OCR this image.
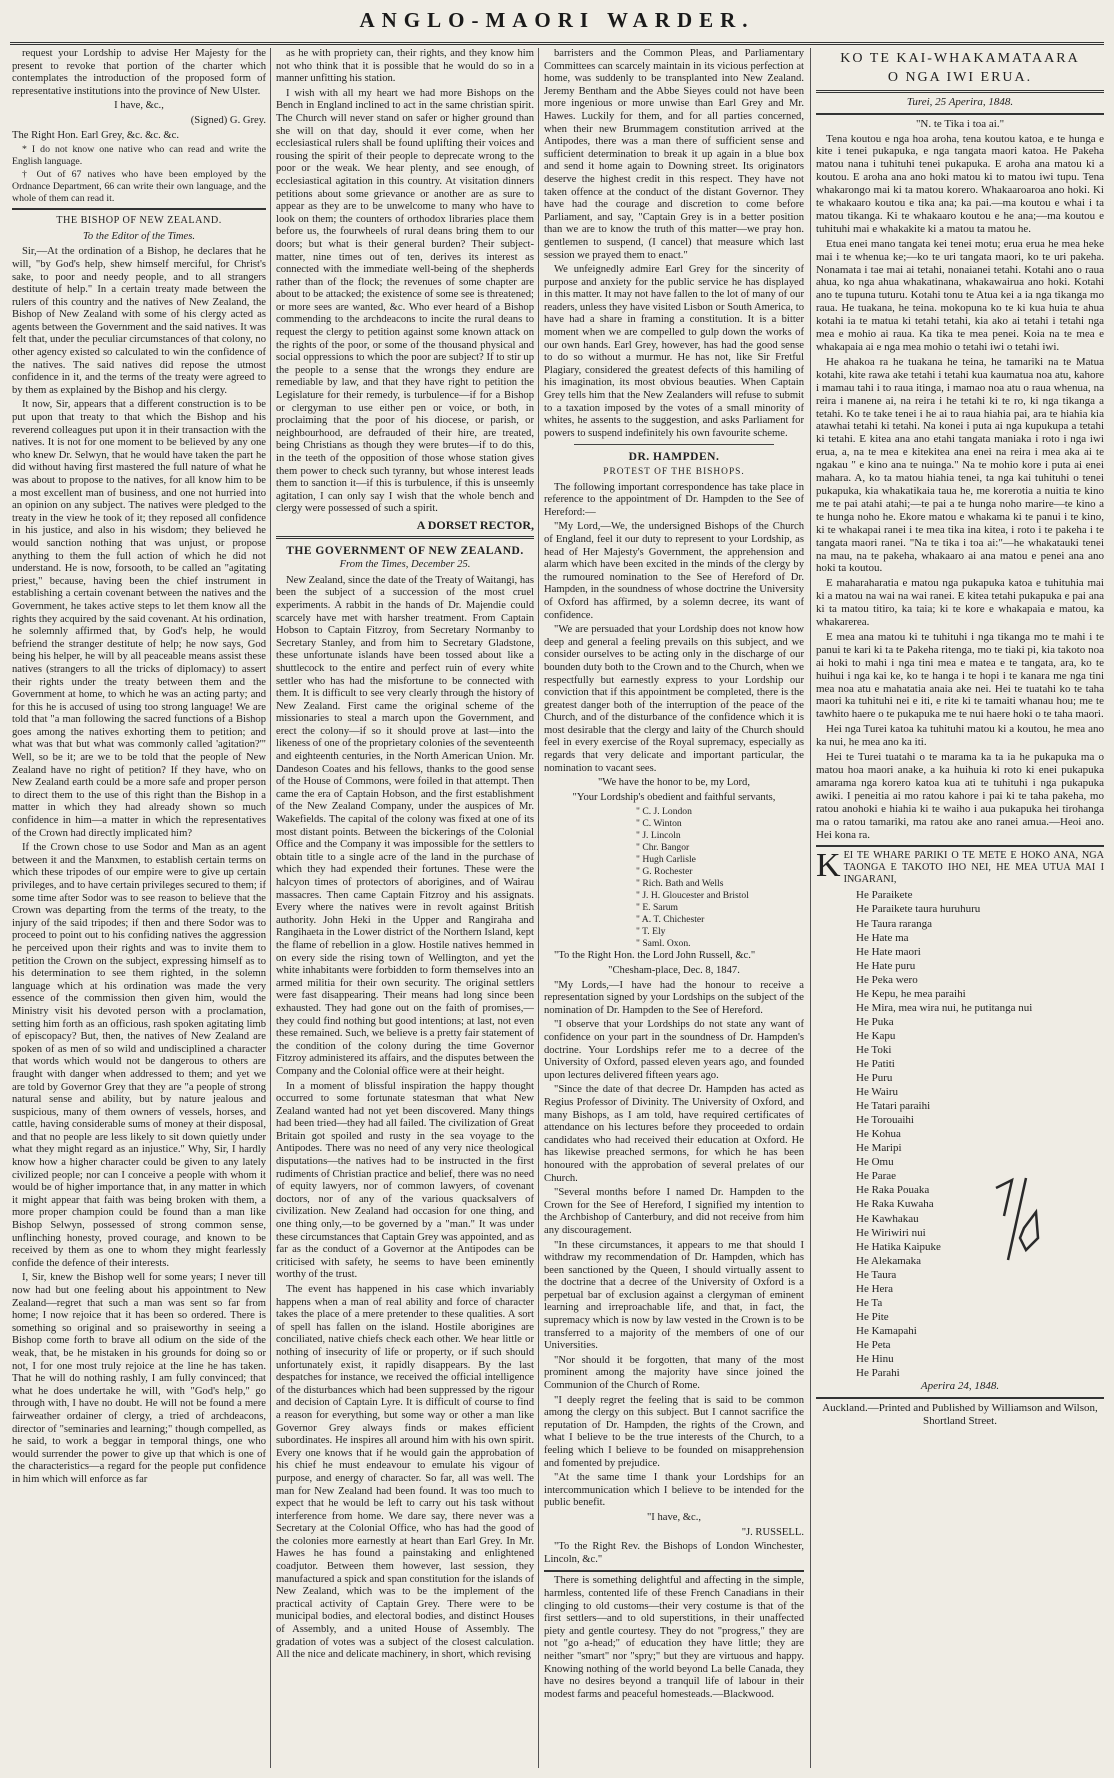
ANGLO-MAORI WARDER.

request your Lordship to advise Her Majesty for the present to revoke that portion of the charter which contemplates the introduction of the proposed form of representative institutions into the province of New Ulster.

I have, &c.,

(Signed) G. Grey.

The Right Hon. Earl Grey, &c. &c. &c.

* I do not know one native who can read and write the English language.

† Out of 67 natives who have been employed by the Ordnance Department, 66 can write their own language, and the whole of them can read it.

THE BISHOP OF NEW ZEALAND.
To the Editor of the Times.

Sir,—At the ordination of a Bishop, he declares that he will, "by God's help, shew himself merciful, for Christ's sake, to poor and needy people, and to all strangers destitute of help." In a certain treaty made between the rulers of this country and the natives of New Zealand, the Bishop of New Zealand with some of his clergy acted as agents between the Government and the said natives. It was felt that, under the peculiar circumstances of that colony, no other agency existed so calculated to win the confidence of the natives. The said natives did repose the utmost confidence in it, and the terms of the treaty were agreed to by them as explained by the Bishop and his clergy.

It now, Sir, appears that a different construction is to be put upon that treaty to that which the Bishop and his reverend colleagues put upon it in their transaction with the natives. It is not for one moment to be believed by any one who knew Dr. Selwyn, that he would have taken the part he did without having first mastered the full nature of what he was about to propose to the natives, for all know him to be a most excellent man of business, and one not hurried into an opinion on any subject. The natives were pledged to the treaty in the view he took of it; they reposed all confidence in his justice, and also in his wisdom; they believed he would sanction nothing that was unjust, or propose anything to them the full action of which he did not understand. He is now, forsooth, to be called an "agitating priest," because, having been the chief instrument in establishing a certain covenant between the natives and the Government, he takes active steps to let them know all the rights they acquired by the said covenant. At his ordination, he solemnly affirmed that, by God's help, he would befriend the stranger destitute of help; he now says, God being his helper, he will by all peaceable means assist these natives (strangers to all the tricks of diplomacy) to assert their rights under the treaty between them and the Government at home, to which he was an acting party; and for this he is accused of using too strong language! We are told that "a man following the sacred functions of a Bishop goes among the natives exhorting them to petition; and what was that but what was commonly called 'agitation?'" Well, so be it; are we to be told that the people of New Zealand have no right of petition? If they have, who on New Zealand earth could be a more safe and proper person to direct them to the use of this right than the Bishop in a matter in which they had already shown so much confidence in him—a matter in which the representatives of the Crown had directly implicated him?

If the Crown chose to use Sodor and Man as an agent between it and the Manxmen, to establish certain terms on which these tripodes of our empire were to give up certain privileges, and to have certain privileges secured to them; if some time after Sodor was to see reason to believe that the Crown was departing from the terms of the treaty, to the injury of the said tripodes; if then and there Sodor was to proceed to point out to his confiding natives the aggression he perceived upon their rights and was to invite them to petition the Crown on the subject, expressing himself as to his determination to see them righted, in the solemn language which at his ordination was made the very essence of the commission then given him, would the Ministry visit his devoted person with a proclamation, setting him forth as an officious, rash spoken agitating limb of episcopacy? But, then, the natives of New Zealand are spoken of as men of so wild and undisciplined a character that words which would not be dangerous to others are fraught with danger when addressed to them; and yet we are told by Governor Grey that they are "a people of strong natural sense and ability, but by nature jealous and suspicious, many of them owners of vessels, horses, and cattle, having considerable sums of money at their disposal, and that no people are less likely to sit down quietly under what they might regard as an injustice." Why, Sir, I hardly know how a higher character could be given to any lately civilized people; nor can I conceive a people with whom it would be of higher importance that, in any matter in which it might appear that faith was being broken with them, a more proper champion could be found than a man like Bishop Selwyn, possessed of strong common sense, unflinching honesty, proved courage, and known to be received by them as one to whom they might fearlessly confide the defence of their interests.

I, Sir, knew the Bishop well for some years; I never till now had but one feeling about his appointment to New Zealand—regret that such a man was sent so far from home; I now rejoice that it has been so ordered. There is something so original and so praiseworthy in seeing a Bishop come forth to brave all odium on the side of the weak, that, be he mistaken in his grounds for doing so or not, I for one most truly rejoice at the line he has taken. That he will do nothing rashly, I am fully convinced; that what he does undertake he will, with "God's help," go through with, I have no doubt. He will not be found a mere fairweather ordainer of clergy, a tried of archdeacons, director of "seminaries and learning;" though compelled, as he said, to work a beggar in temporal things, one who would surrender the power to give up that which is one of the characteristics—a regard for the people put confidence in him which will enforce as far

as he with propriety can, their rights, and they know him not who think that it is possible that he would do so in a manner unfitting his station.

I wish with all my heart we had more Bishops on the Bench in England inclined to act in the same christian spirit. The Church will never stand on safer or higher ground than she will on that day, should it ever come, when her ecclesiastical rulers shall be found uplifting their voices and rousing the spirit of their people to deprecate wrong to the poor or the weak. We hear plenty, and see enough, of ecclesiastical agitation in this country. At visitation dinners petitions about some grievance or another are as sure to appear as they are to be unwelcome to many who have to look on them; the counters of orthodox libraries place them before us, the fourwheels of rural deans bring them to our doors; but what is their general burden? Their subject-matter, nine times out of ten, derives its interest as connected with the immediate well-being of the shepherds rather than of the flock; the revenues of some chapter are about to be attacked; the existence of some see is threatened; or more sees are wanted, &c. Who ever heard of a Bishop commending to the archdeacons to incite the rural deans to request the clergy to petition against some known attack on the rights of the poor, or some of the thousand physical and social oppressions to which the poor are subject? If to stir up the people to a sense that the wrongs they endure are remediable by law, and that they have right to petition the Legislature for their remedy, is turbulence—if for a Bishop or clergyman to use either pen or voice, or both, in proclaiming that the poor of his diocese, or parish, or neighbourhood, are defrauded of their hire, are treated, being Christians as though they were brutes—if to do this, in the teeth of the opposition of those whose station gives them power to check such tyranny, but whose interest leads them to sanction it—if this is turbulence, if this is unseemly agitation, I can only say I wish that the whole bench and clergy were possessed of such a spirit.

A DORSET RECTOR,
THE GOVERNMENT OF NEW ZEALAND.
From the Times, December 25.

New Zealand, since the date of the Treaty of Waitangi, has been the subject of a succession of the most cruel experiments. A rabbit in the hands of Dr. Majendie could scarcely have met with harsher treatment. From Captain Hobson to Captain Fitzroy, from Secretary Normanby to Secretary Stanley, and from him to Secretary Gladstone, these unfortunate islands have been tossed about like a shuttlecock to the entire and perfect ruin of every white settler who has had the misfortune to be connected with them. It is difficult to see very clearly through the history of New Zealand. First came the original scheme of the missionaries to steal a march upon the Government, and erect the colony—if so it should prove at last—into the likeness of one of the proprietary colonies of the seventeenth and eighteenth centuries, in the North American Union. Mr. Dandeson Coates and his fellows, thanks to the good sense of the House of Commons, were foiled in that attempt. Then came the era of Captain Hobson, and the first establishment of the New Zealand Company, under the auspices of Mr. Wakefields. The capital of the colony was fixed at one of its most distant points. Between the bickerings of the Colonial Office and the Company it was impossible for the settlers to obtain title to a single acre of the land in the purchase of which they had expended their fortunes. These were the halcyon times of protectors of aborigines, and of Wairau massacres. Then came Captain Fitzroy and his assignats. Every where the natives were in revolt against British authority. John Heki in the Upper and Rangiraha and Rangihaeta in the Lower district of the Northern Island, kept the flame of rebellion in a glow. Hostile natives hemmed in on every side the rising town of Wellington, and yet the white inhabitants were forbidden to form themselves into an armed militia for their own security. The original settlers were fast disappearing. Their means had long since been exhausted. They had gone out on the faith of promises,—they could find nothing but good intentions; at last, not even these remained. Such, we believe is a pretty fair statement of the condition of the colony during the time Governor Fitzroy administered its affairs, and the disputes between the Company and the Colonial office were at their height.

In a moment of blissful inspiration the happy thought occurred to some fortunate statesman that what New Zealand wanted had not yet been discovered. Many things had been tried—they had all failed. The civilization of Great Britain got spoiled and rusty in the sea voyage to the Antipodes. There was no need of any very nice theological disputations—the natives had to be instructed in the first rudiments of Christian practice and belief, there was no need of equity lawyers, nor of common lawyers, of covenant doctors, nor of any of the various quacksalvers of civilization. New Zealand had occasion for one thing, and one thing only,—to be governed by a "man." It was under these circumstances that Captain Grey was appointed, and as far as the conduct of a Governor at the Antipodes can be criticised with safety, he seems to have been eminently worthy of the trust.

The event has happened in his case which invariably happens when a man of real ability and force of character takes the place of a mere pretender to these qualities. A sort of spell has fallen on the island. Hostile aborigines are conciliated, native chiefs check each other. We hear little or nothing of insecurity of life or property, or if such should unfortunately exist, it rapidly disappears. By the last despatches for instance, we received the official intelligence of the disturbances which had been suppressed by the rigour and decision of Captain Lyre. It is difficult of course to find a reason for everything, but some way or other a man like Governor Grey always finds or makes efficient subordinates. He inspires all around him with his own spirit. Every one knows that if he would gain the approbation of his chief he must endeavour to emulate his vigour of purpose, and energy of character. So far, all was well. The man for New Zealand had been found. It was too much to expect that he would be left to carry out his task without interference from home. We dare say, there never was a Secretary at the Colonial Office, who has had the good of the colonies more earnestly at heart than Earl Grey. In Mr. Hawes he has found a painstaking and enlightened coadjutor. Between them however, last session, they manufactured a spick and span constitution for the islands of New Zealand, which was to be the implement of the practical activity of Captain Grey. There were to be municipal bodies, and electoral bodies, and distinct Houses of Assembly, and a united House of Assembly. The gradation of votes was a subject of the closest calculation. All the nice and delicate machinery, in short, which revising

barristers and the Common Pleas, and Parliamentary Committees can scarcely maintain in its vicious perfection at home, was suddenly to be transplanted into New Zealand. Jeremy Bentham and the Abbe Sieyes could not have been more ingenious or more unwise than Earl Grey and Mr. Hawes. Luckily for them, and for all parties concerned, when their new Brummagem constitution arrived at the Antipodes, there was a man there of sufficient sense and sufficient determination to break it up again in a blue box and send it home again to Downing street. Its originators deserve the highest credit in this respect. They have not taken offence at the conduct of the distant Governor. They have had the courage and discretion to come before Parliament, and say, "Captain Grey is in a better position than we are to know the truth of this matter—we pray hon. gentlemen to suspend, (I cancel) that measure which last session we prayed them to enact."

We unfeignedly admire Earl Grey for the sincerity of purpose and anxiety for the public service he has displayed in this matter. It may not have fallen to the lot of many of our readers, unless they have visited Lisbon or South America, to have had a share in framing a constitution. It is a bitter moment when we are compelled to gulp down the works of our own hands. Earl Grey, however, has had the good sense to do so without a murmur. He has not, like Sir Fretful Plagiary, considered the greatest defects of this hamiling of his imagination, its most obvious beauties. When Captain Grey tells him that the New Zealanders will refuse to submit to a taxation imposed by the votes of a small minority of whites, he assents to the suggestion, and asks Parliament for powers to suspend indefinitely his own favourite scheme.

DR. HAMPDEN.
PROTEST OF THE BISHOPS.

The following important correspondence has take place in reference to the appointment of Dr. Hampden to the See of Hereford:—

"My Lord,—We, the undersigned Bishops of the Church of England, feel it our duty to represent to your Lordship, as head of Her Majesty's Government, the apprehension and alarm which have been excited in the minds of the clergy by the rumoured nomination to the See of Hereford of Dr. Hampden, in the soundness of whose doctrine the University of Oxford has affirmed, by a solemn decree, its want of confidence.

"We are persuaded that your Lordship does not know how deep and general a feeling prevails on this subject, and we consider ourselves to be acting only in the discharge of our bounden duty both to the Crown and to the Church, when we respectfully but earnestly express to your Lordship our conviction that if this appointment be completed, there is the greatest danger both of the interruption of the peace of the Church, and of the disturbance of the confidence which it is most desirable that the clergy and laity of the Church should feel in every exercise of the Royal supremacy, especially as regards that very delicate and important particular, the nomination to vacant sees.

"We have the honor to be, my Lord,

"Your Lordship's obedient and faithful servants,

" C. J. London
" C. Winton
" J. Lincoln
" Chr. Bangor
" Hugh Carlisle
" G. Rochester
" Rich. Bath and Wells
" J. H. Gloucester and Bristol
" E. Sarum
" A. T. Chichester
" T. Ely
" Saml. Oxon.

"To the Right Hon. the Lord John Russell, &c."

"Chesham-place, Dec. 8, 1847.

"My Lords,—I have had the honour to receive a representation signed by your Lordships on the subject of the nomination of Dr. Hampden to the See of Hereford.

"I observe that your Lordships do not state any want of confidence on your part in the soundness of Dr. Hampden's doctrine. Your Lordships refer me to a decree of the University of Oxford, passed eleven years ago, and founded upon lectures delivered fifteen years ago.

"Since the date of that decree Dr. Hampden has acted as Regius Professor of Divinity. The University of Oxford, and many Bishops, as I am told, have required certificates of attendance on his lectures before they proceeded to ordain candidates who had received their education at Oxford. He has likewise preached sermons, for which he has been honoured with the approbation of several prelates of our Church.

"Several months before I named Dr. Hampden to the Crown for the See of Hereford, I signified my intention to the Archbishop of Canterbury, and did not receive from him any discouragement.

"In these circumstances, it appears to me that should I withdraw my recommendation of Dr. Hampden, which has been sanctioned by the Queen, I should virtually assent to the doctrine that a decree of the University of Oxford is a perpetual bar of exclusion against a clergyman of eminent learning and irreproachable life, and that, in fact, the supremacy which is now by law vested in the Crown is to be transferred to a majority of the members of one of our Universities.

"Nor should it be forgotten, that many of the most prominent among the majority have since joined the Communion of the Church of Rome.

"I deeply regret the feeling that is said to be common among the clergy on this subject. But I cannot sacrifice the reputation of Dr. Hampden, the rights of the Crown, and what I believe to be the true interests of the Church, to a feeling which I believe to be founded on misapprehension and fomented by prejudice.

"At the same time I thank your Lordships for an intercommunication which I believe to be intended for the public benefit.

"I have, &c.,

"J. RUSSELL.

"To the Right Rev. the Bishops of London Winchester, Lincoln, &c."

There is something delightful and affecting in the simple, harmless, contented life of these French Canadians in their clinging to old customs—their very costume is that of the first settlers—and to old superstitions, in their unaffected piety and gentle courtesy. They do not "progress," they are not "go a-head;" of education they have little; they are neither "smart" nor "spry;" but they are virtuous and happy. Knowing nothing of the world beyond La belle Canada, they have no desires beyond a tranquil life of labour in their modest farms and peaceful homesteads.—Blackwood.

KO TE KAI-WHAKAMATAARA
O NGA IWI ERUA.
Turei, 25 Aperira, 1848.

"N. te Tika i toa ai."

Tena koutou e nga hoa aroha, tena koutou katoa, e te hunga e kite i tenei pukapuka, e nga tangata maori katoa. He Pakeha matou nana i tuhituhi tenei pukapuka. E aroha ana matou ki a koutou. E aroha ana ano hoki matou ki to matou iwi tupu. Tena whakarongo mai ki ta matou korero. Whakaaroaroa ano hoki. Ki te whakaaro koutou e tika ana; ka pai.—ma koutou e whai i ta matou tikanga. Ki te whakaaro koutou e he ana;—ma koutou e tuhituhi mai e whakakite ki a matou ta matou he.

Etua enei mano tangata kei tenei motu; erua erua he mea heke mai i te whenua ke;—ko te uri tangata maori, ko te uri pakeha. Nonamata i tae mai ai tetahi, nonaianei tetahi. Kotahi ano o raua ahua, ko nga ahua whakatinana, whakawairua ano hoki. Kotahi ano te tupuna tuturu. Kotahi tonu te Atua kei a ia nga tikanga mo raua. He tuakana, he teina. mokopuna ko te ki kua huia te ahua kotahi ia te matua ki tetahi tetahi, kia ako ai tetahi i tetahi nga mea e mohio ai raua. Ka tika te mea penei. Koia na te mea e whakapaia ai e nga mea mohio o tetahi iwi o tetahi iwi.

He ahakoa ra he tuakana he teina, he tamariki na te Matua kotahi, kite rawa ake tetahi i tetahi kua kaumatua noa atu, kahore i mamau tahi i to raua itinga, i mamao noa atu o raua whenua, na reira i manene ai, na reira i he tetahi ki te ro, ki nga tikanga a tetahi. Ko te take tenei i he ai to raua hiahia pai, ara te hiahia kia atawhai tetahi ki tetahi. Na konei i puta ai nga kupukupa a tetahi ki tetahi. E kitea ana ano etahi tangata maniaka i roto i nga iwi erua, a, na te mea e kitekitea ana enei na reira i mea aka ai te ngakau " e kino ana te nuinga." Na te mohio kore i puta ai enei mahara. A, ko ta matou hiahia tenei, ta nga kai tuhituhi o tenei pukapuka, kia whakatikaia taua he, me korerotia a nuitia te kino me te pai atahi atahi;—te pai a te hunga noho marire—te kino a te hunga noho he. Ekore matou e whakama ki te panui i te kino, ki te whakapai ranei i te mea tika ina kitea, i roto i te pakeha i te tangata maori ranei. "Na te tika i toa ai:"—he whakatauki tenei na mau, na te pakeha, whakaaro ai ana matou e penei ana ano hoki ta koutou.

E maharaharatia e matou nga pukapuka katoa e tuhituhia mai ki a matou na wai na wai ranei. E kitea tetahi pukapuka e pai ana ki ta matou titiro, ka taia; ki te kore e whakapaia e matou, ka whakarerea.

E mea ana matou ki te tuhituhi i nga tikanga mo te mahi i te panui te kari ki ta te Pakeha ritenga, mo te tiaki pi, kia takoto noa ai hoki to mahi i nga tini mea e matea e te tangata, ara, ko te huihui i nga kai ke, ko te hanga i te hopi i te kanara me nga tini mea noa atu e mahatatia anaia ake nei. Hei te tuatahi ko te taha maori ka tuhituhi nei e iti, e rite ki te tamaiti whanau hou; me te tawhito haere o te pukapuka me te nui haere hoki o te taha maori.

Hei nga Turei katoa ka tuhituhi matou ki a koutou, he mea ano ka nui, he mea ano ka iti.

Hei te Turei tuatahi o te marama ka ta ia he pukapuka ma o matou hoa maori anake, a ka huihuia ki roto ki enei pukapuka amarama nga korero katoa kua ati te tuhituhi i nga pukapuka awiki. I peneitia ai mo ratou kahore i pai ki te taha pakeha, mo ratou anohoki e hiahia ki te waiho i aua pukapuka hei tirohanga ma o ratou tamariki, ma ratou ake ano ranei amua.—Heoi ano. Hei kona ra.

KEI TE WHARE PARIKI O TE METE E HOKO ANA, NGA TAONGA E TAKOTO IHO NEI, HE MEA UTUA MAI I INGARANI,

He Paraikete
He Paraikete taura huruhuru
He Taura raranga
He Hate ma
He Hate maori
He Hate puru
He Peka wero
He Kepu, he mea paraihi
He Mira, mea wira nui, he putitanga nui
He Puka
He Kapu
He Toki
He Patiti
He Puru
He Wairu
He Tatari paraihi
He Torouaihi
He Kohua
He Maripi
He Omu
He Parae
He Raka Pouaka
He Raka Kuwaha
He Kawhakau
He Wiriwiri nui
He Hatika Kaipuke
He Alekamaka
He Taura
He Hera
He Ta
He Pite
He Kamapahi
He Peta
He Hinu
He Parahi

Aperira 24, 1848.

Auckland.—Printed and Published by Williamson and Wilson, Shortland Street.
